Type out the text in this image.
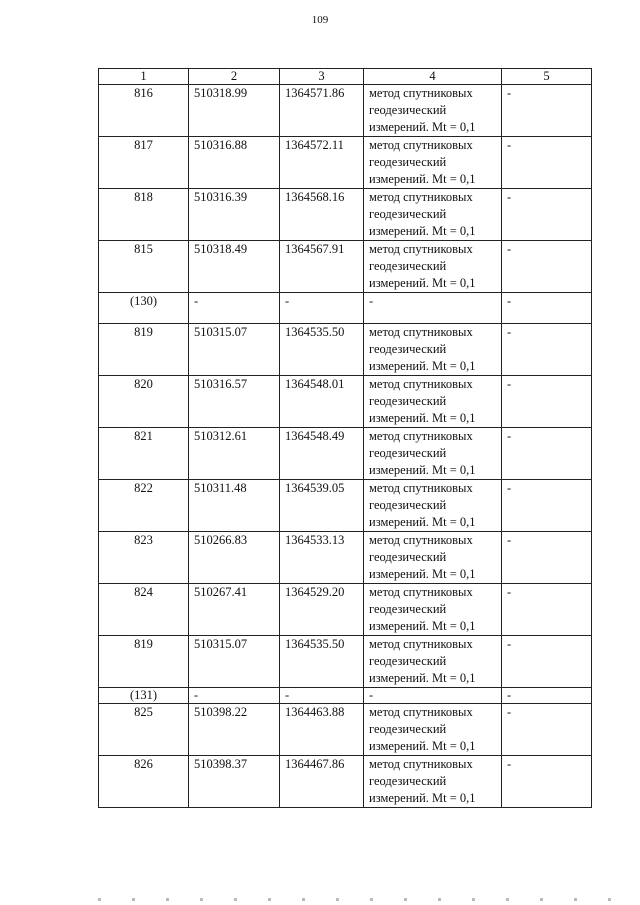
109
1	2	3	4	5
816	510318.99	1364571.86	метод спутниковых геодезический измерений. Mt = 0,1	-
817	510316.88	1364572.11	метод спутниковых геодезический измерений. Mt = 0,1	-
818	510316.39	1364568.16	метод спутниковых геодезический измерений. Mt = 0,1	-
815	510318.49	1364567.91	метод спутниковых геодезический измерений. Mt = 0,1	-
(130)	-	-	-	-
819	510315.07	1364535.50	метод спутниковых геодезический измерений. Mt = 0,1	-
820	510316.57	1364548.01	метод спутниковых геодезический измерений. Mt = 0,1	-
821	510312.61	1364548.49	метод спутниковых геодезический измерений. Mt = 0,1	-
822	510311.48	1364539.05	метод спутниковых геодезический измерений. Mt = 0,1	-
823	510266.83	1364533.13	метод спутниковых геодезический измерений. Mt = 0,1	-
824	510267.41	1364529.20	метод спутниковых геодезический измерений. Mt = 0,1	-
819	510315.07	1364535.50	метод спутниковых геодезический измерений. Mt = 0,1	-
(131)	-	-	-	-
825	510398.22	1364463.88	метод спутниковых геодезический измерений. Mt = 0,1	-
826	510398.37	1364467.86	метод спутниковых геодезический измерений. Mt = 0,1	-
